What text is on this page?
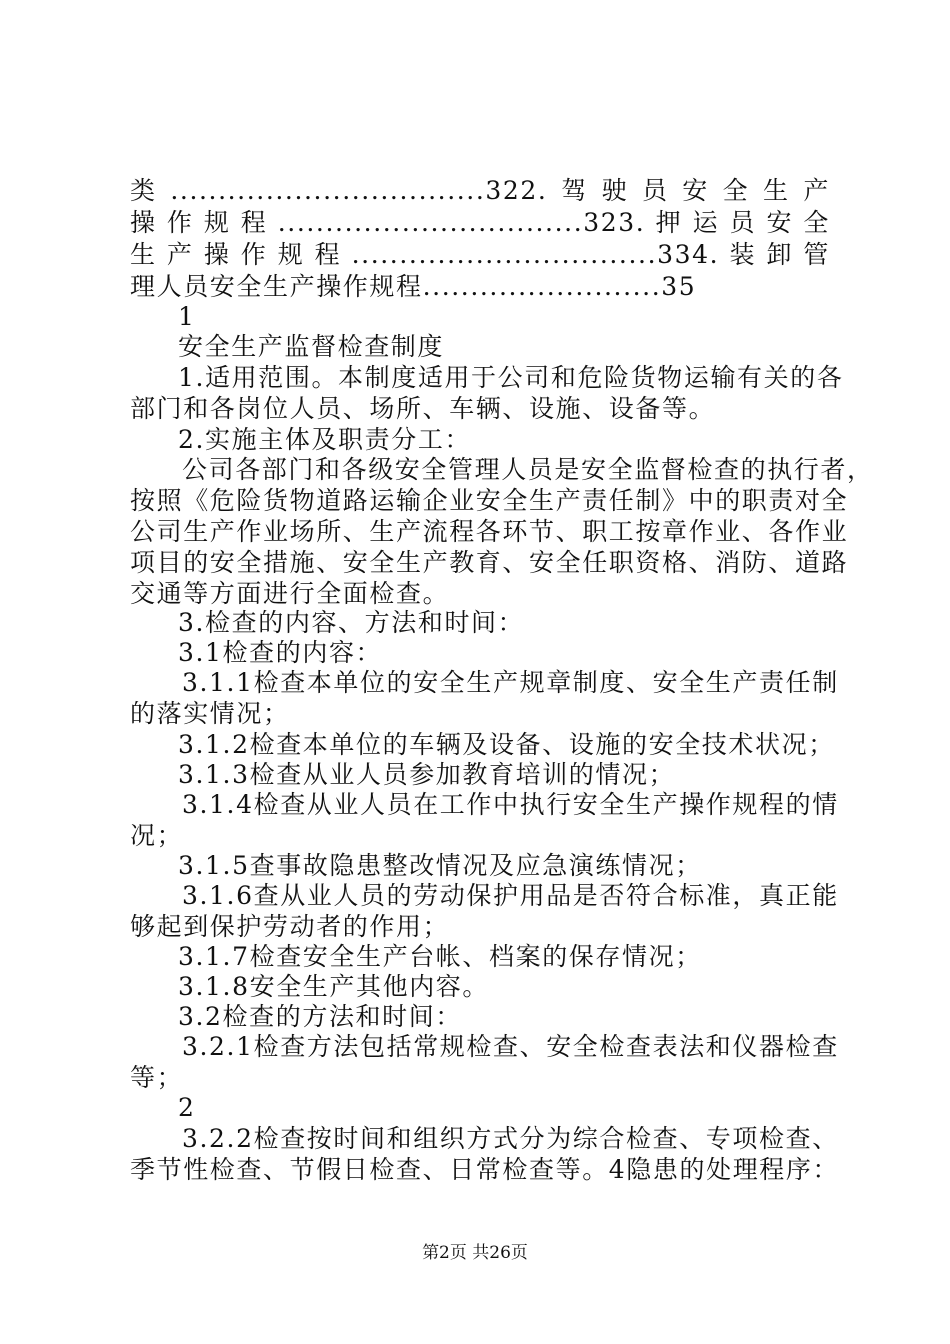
类.................................322.驾驶员安全生产
操作规程................................323.押运员安全
生产操作规程................................334.装卸管
理人员安全生产操作规程.........................35
1
安全生产监督检查制度
1.适用范围。本制度适用于公司和危险货物运输有关的各
部门和各岗位人员、场所、车辆、设施、设备等。
2.实施主体及职责分工：
公司各部门和各级安全管理人员是安全监督检查的执行者，
按照《危险货物道路运输企业安全生产责任制》中的职责对全
公司生产作业场所、生产流程各环节、职工按章作业、各作业
项目的安全措施、安全生产教育、安全任职资格、消防、道路
交通等方面进行全面检查。
3.检查的内容、方法和时间：
3.1检查的内容：
3.1.1检查本单位的安全生产规章制度、安全生产责任制
的落实情况；
3.1.2检查本单位的车辆及设备、设施的安全技术状况；
3.1.3检查从业人员参加教育培训的情况；
3.1.4检查从业人员在工作中执行安全生产操作规程的情
况；
3.1.5查事故隐患整改情况及应急演练情况；
3.1.6查从业人员的劳动保护用品是否符合标准，真正能
够起到保护劳动者的作用；
3.1.7检查安全生产台帐、档案的保存情况；
3.1.8安全生产其他内容。
3.2检查的方法和时间：
3.2.1检查方法包括常规检查、安全检查表法和仪器检查
等；
2
3.2.2检查按时间和组织方式分为综合检查、专项检查、
季节性检查、节假日检查、日常检查等。4隐患的处理程序：
第2页 共26页
